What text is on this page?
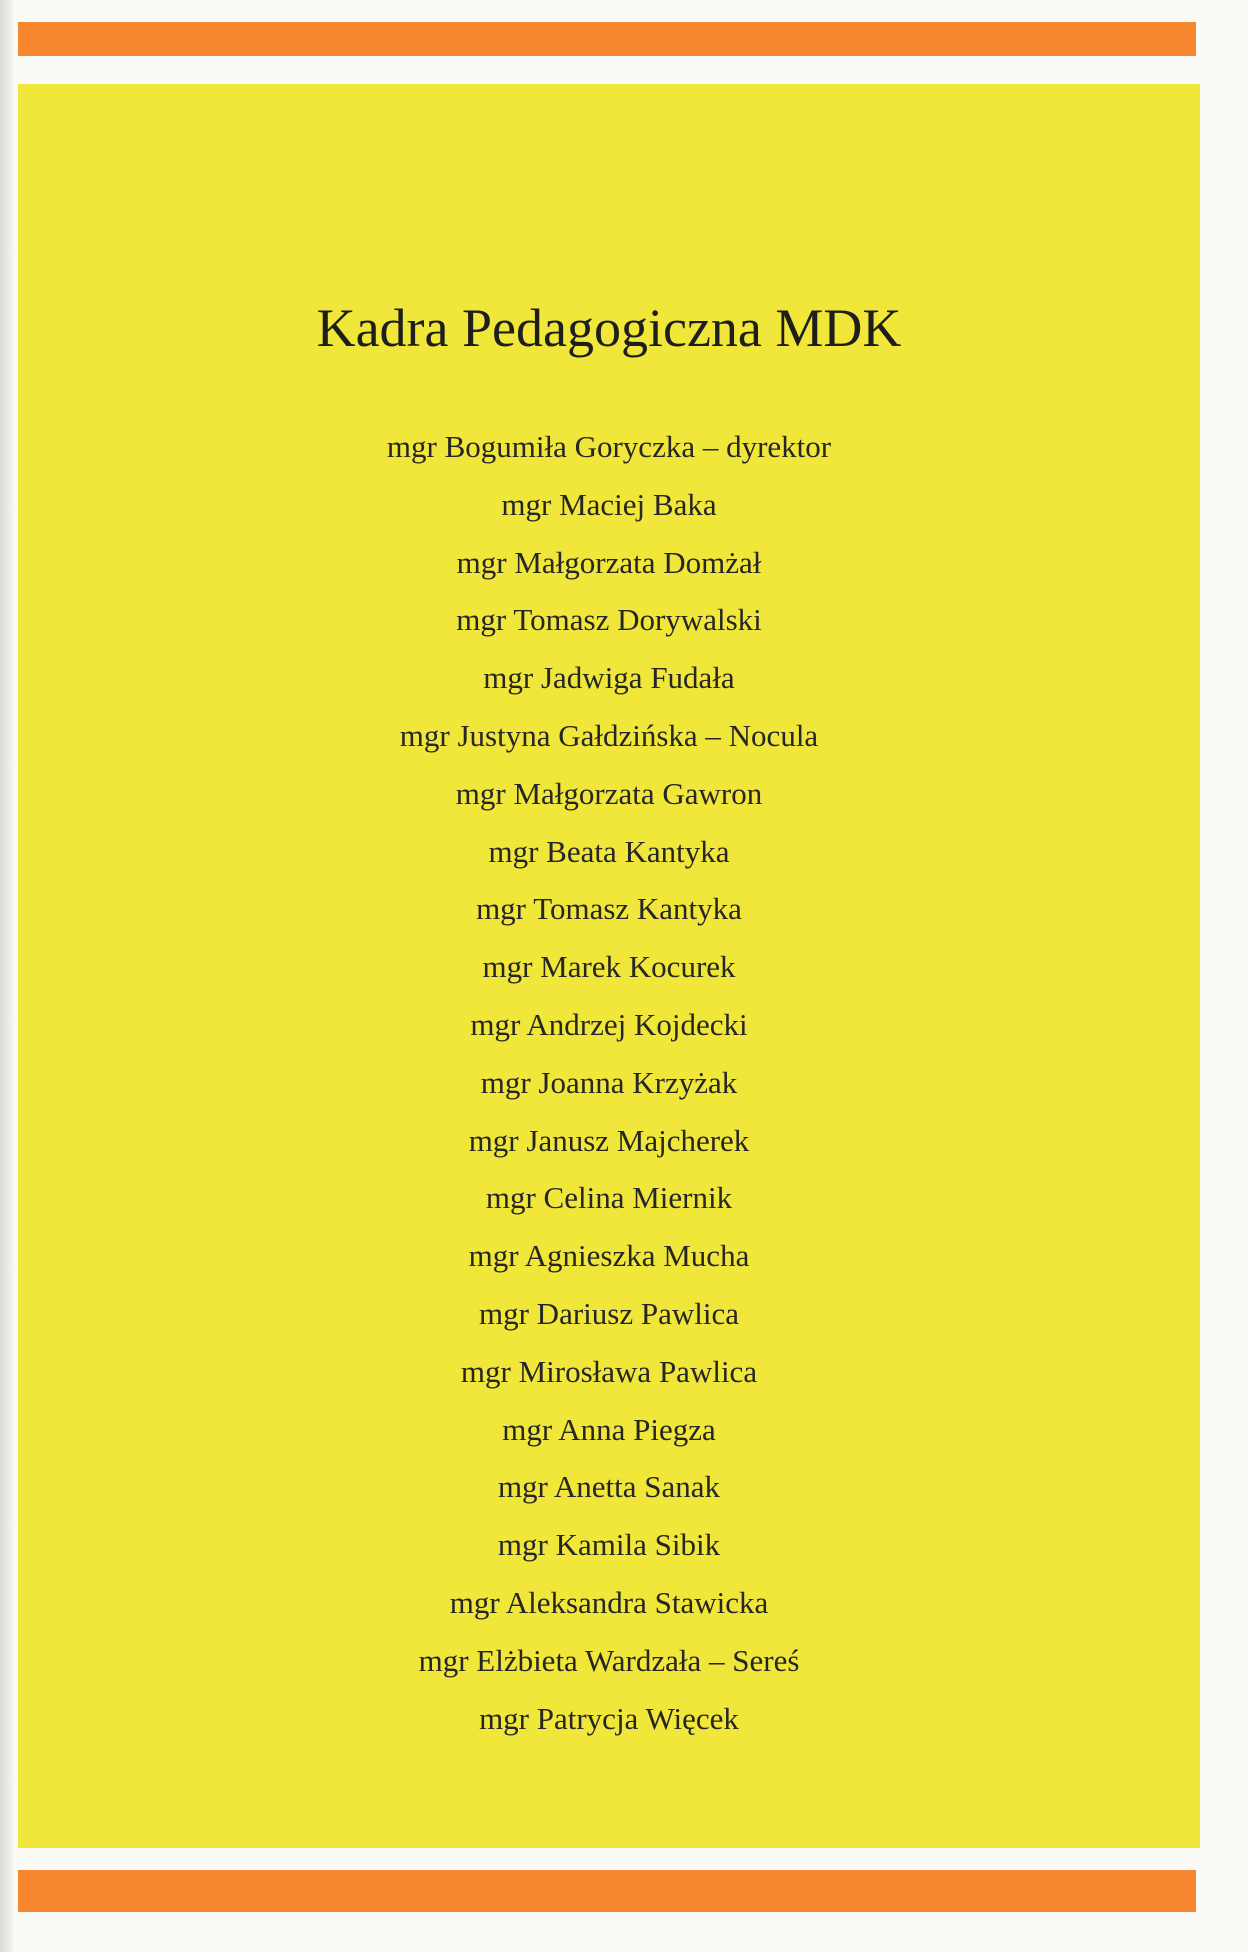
Kadra Pedagogiczna MDK
mgr Bogumiła Goryczka – dyrektor
mgr Maciej Baka
mgr Małgorzata Domżał
mgr Tomasz Dorywalski
mgr Jadwiga Fudała
mgr Justyna Gałdzińska – Nocula
mgr Małgorzata Gawron
mgr Beata Kantyka
mgr Tomasz Kantyka
mgr Marek Kocurek
mgr Andrzej Kojdecki
mgr Joanna Krzyżak
mgr Janusz Majcherek
mgr Celina Miernik
mgr Agnieszka Mucha
mgr Dariusz Pawlica
mgr Mirosława Pawlica
mgr Anna Piegza
mgr Anetta Sanak
mgr Kamila Sibik
mgr Aleksandra Stawicka
mgr Elżbieta Wardzała – Sereś
mgr Patrycja Więcek
